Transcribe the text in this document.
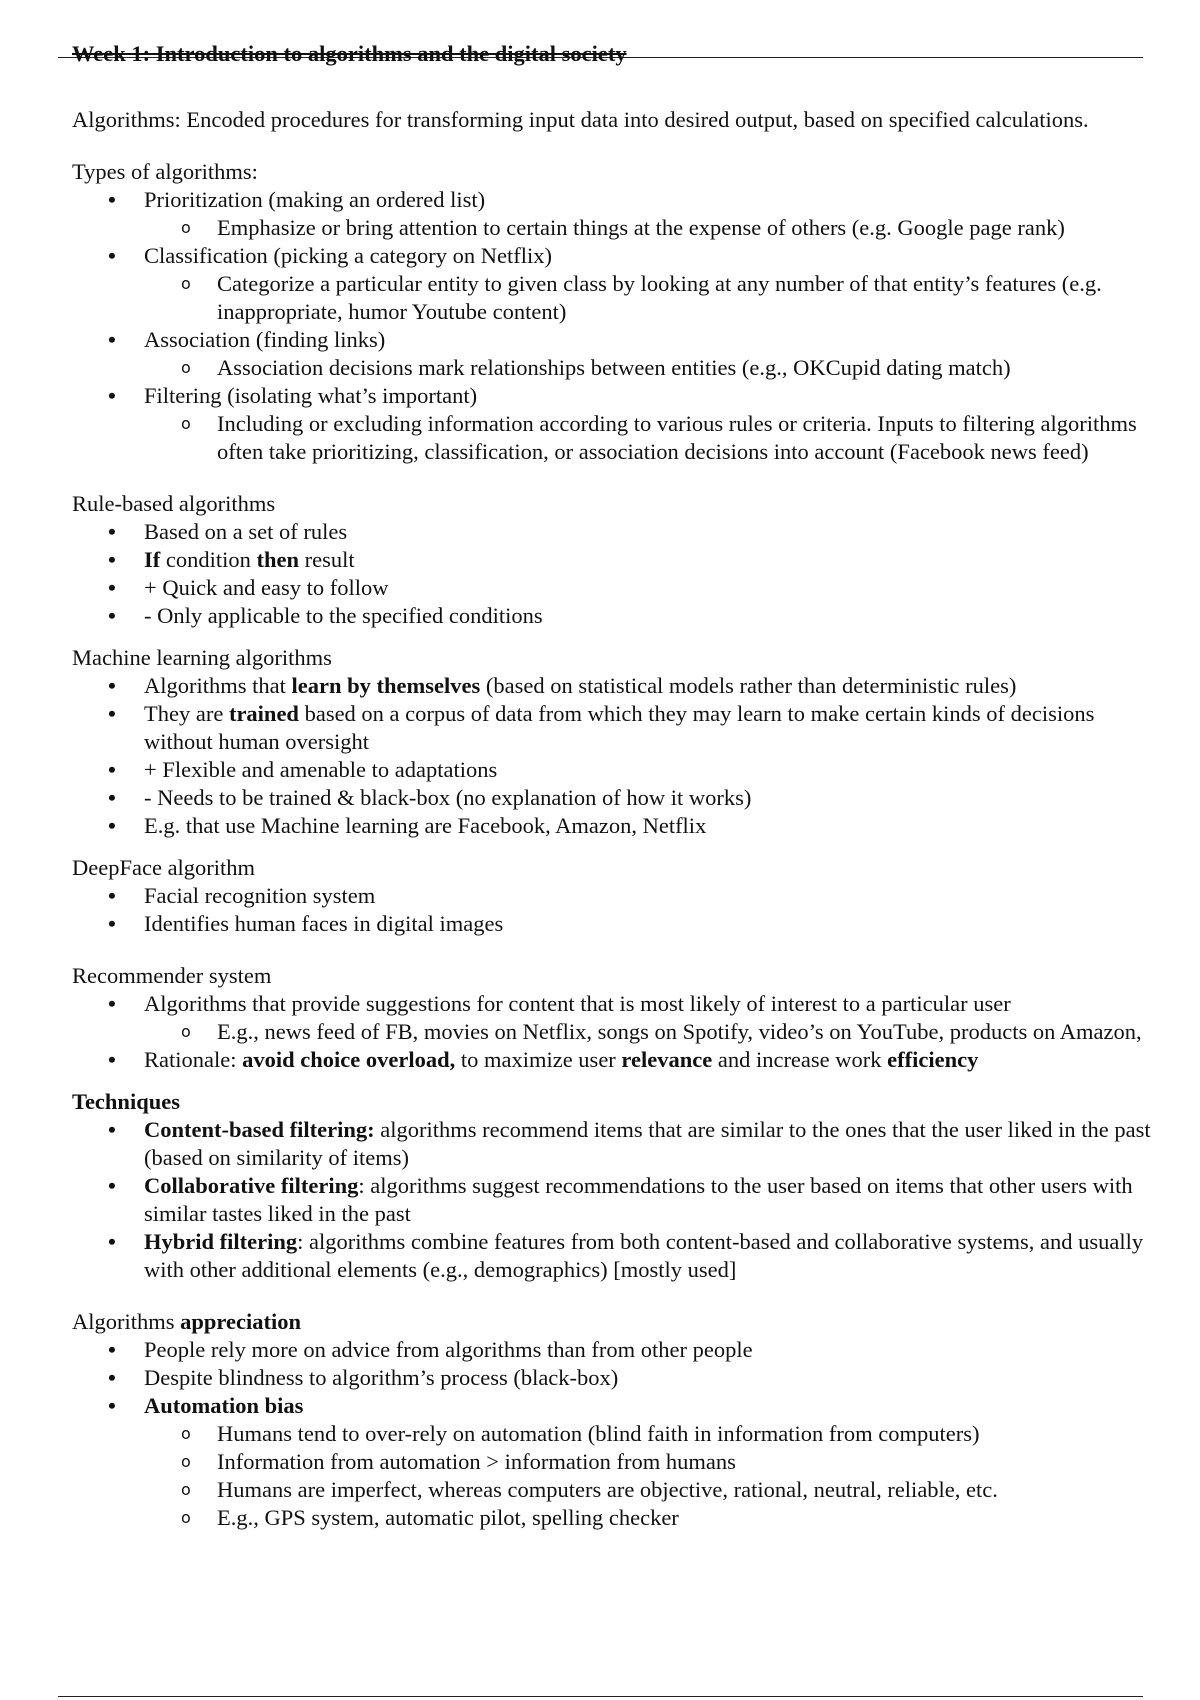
Week 1: Introduction to algorithms and the digital society

Algorithms: Encoded procedures for transforming input data into desired output, based on specified calculations.

Types of algorithms:

• Prioritization (making an ordered list)
o Emphasize or bring attention to certain things at the expense of others (e.g. Google page rank)
• Classification (picking a category on Netflix)
o Categorize a particular entity to given class by looking at any number of that entity’s features (e.g. inappropriate, humor Youtube content)
• Association (finding links)
o Association decisions mark relationships between entities (e.g., OKCupid dating match)
• Filtering (isolating what’s important)
o Including or excluding information according to various rules or criteria. Inputs to filtering algorithms often take prioritizing, classification, or association decisions into account (Facebook news feed)

Rule-based algorithms

• Based on a set of rules
• If condition then result
• + Quick and easy to follow
• - Only applicable to the specified conditions

Machine learning algorithms

• Algorithms that learn by themselves (based on statistical models rather than deterministic rules)
• They are trained based on a corpus of data from which they may learn to make certain kinds of decisions without human oversight
• + Flexible and amenable to adaptations
• - Needs to be trained & black-box (no explanation of how it works)
• E.g. that use Machine learning are Facebook, Amazon, Netflix

DeepFace algorithm

• Facial recognition system
• Identifies human faces in digital images

Recommender system

• Algorithms that provide suggestions for content that is most likely of interest to a particular user
o E.g., news feed of FB, movies on Netflix, songs on Spotify, video’s on YouTube, products on Amazon,
• Rationale: avoid choice overload, to maximize user relevance and increase work efficiency

Techniques

• Content-based filtering: algorithms recommend items that are similar to the ones that the user liked in the past (based on similarity of items)
• Collaborative filtering: algorithms suggest recommendations to the user based on items that other users with similar tastes liked in the past
• Hybrid filtering: algorithms combine features from both content-based and collaborative systems, and usually with other additional elements (e.g., demographics) [mostly used]

Algorithms appreciation

• People rely more on advice from algorithms than from other people
• Despite blindness to algorithm’s process (black-box)
• Automation bias
o Humans tend to over-rely on automation (blind faith in information from computers)
o Information from automation > information from humans
o Humans are imperfect, whereas computers are objective, rational, neutral, reliable, etc.
o E.g., GPS system, automatic pilot, spelling checker
